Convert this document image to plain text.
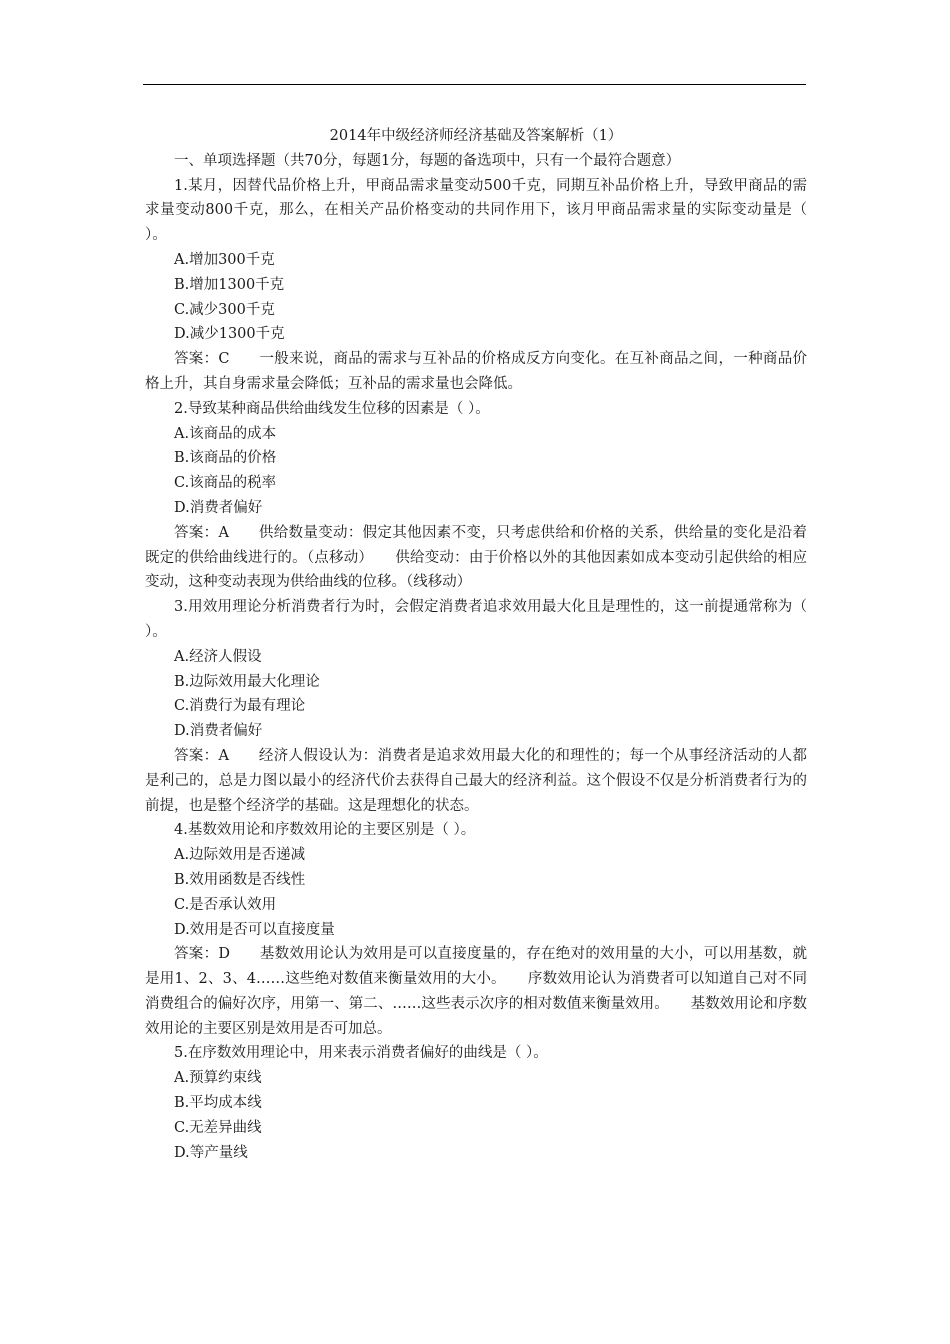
2014年中级经济师经济基础及答案解析（1）

一、单项选择题（共70分，每题1分，每题的备选项中，只有一个最符合题意）

1.某月，因替代品价格上升，甲商品需求量变动500千克，同期互补品价格上升，导致甲商品的需求量变动800千克，那么，在相关产品价格变动的共同作用下，该月甲商品需求量的实际变动量是（ ）。

A.增加300千克

B.增加1300千克

C.减少300千克

D.减少1300千克

答案：C　　一般来说，商品的需求与互补品的价格成反方向变化。在互补商品之间，一种商品价格上升，其自身需求量会降低；互补品的需求量也会降低。

2.导致某种商品供给曲线发生位移的因素是（ ）。

A.该商品的成本

B.该商品的价格

C.该商品的税率

D.消费者偏好

答案：A　　供给数量变动：假定其他因素不变，只考虑供给和价格的关系，供给量的变化是沿着既定的供给曲线进行的。（点移动）　　供给变动：由于价格以外的其他因素如成本变动引起供给的相应变动，这种变动表现为供给曲线的位移。（线移动）

3.用效用理论分析消费者行为时，会假定消费者追求效用最大化且是理性的，这一前提通常称为（ ）。

A.经济人假设

B.边际效用最大化理论

C.消费行为最有理论

D.消费者偏好

答案：A　　经济人假设认为：消费者是追求效用最大化的和理性的；每一个从事经济活动的人都是利己的，总是力图以最小的经济代价去获得自己最大的经济利益。这个假设不仅是分析消费者行为的前提，也是整个经济学的基础。这是理想化的状态。

4.基数效用论和序数效用论的主要区别是（ ）。

A.边际效用是否递减

B.效用函数是否线性

C.是否承认效用

D.效用是否可以直接度量

答案：D　　基数效用论认为效用是可以直接度量的，存在绝对的效用量的大小，可以用基数，就是用1、2、3、4……这些绝对数值来衡量效用的大小。　　序数效用论认为消费者可以知道自己对不同消费组合的偏好次序，用第一、第二、……这些表示次序的相对数值来衡量效用。　　基数效用论和序数效用论的主要区别是效用是否可加总。

5.在序数效用理论中，用来表示消费者偏好的曲线是（ ）。

A.预算约束线

B.平均成本线

C.无差异曲线

D.等产量线
